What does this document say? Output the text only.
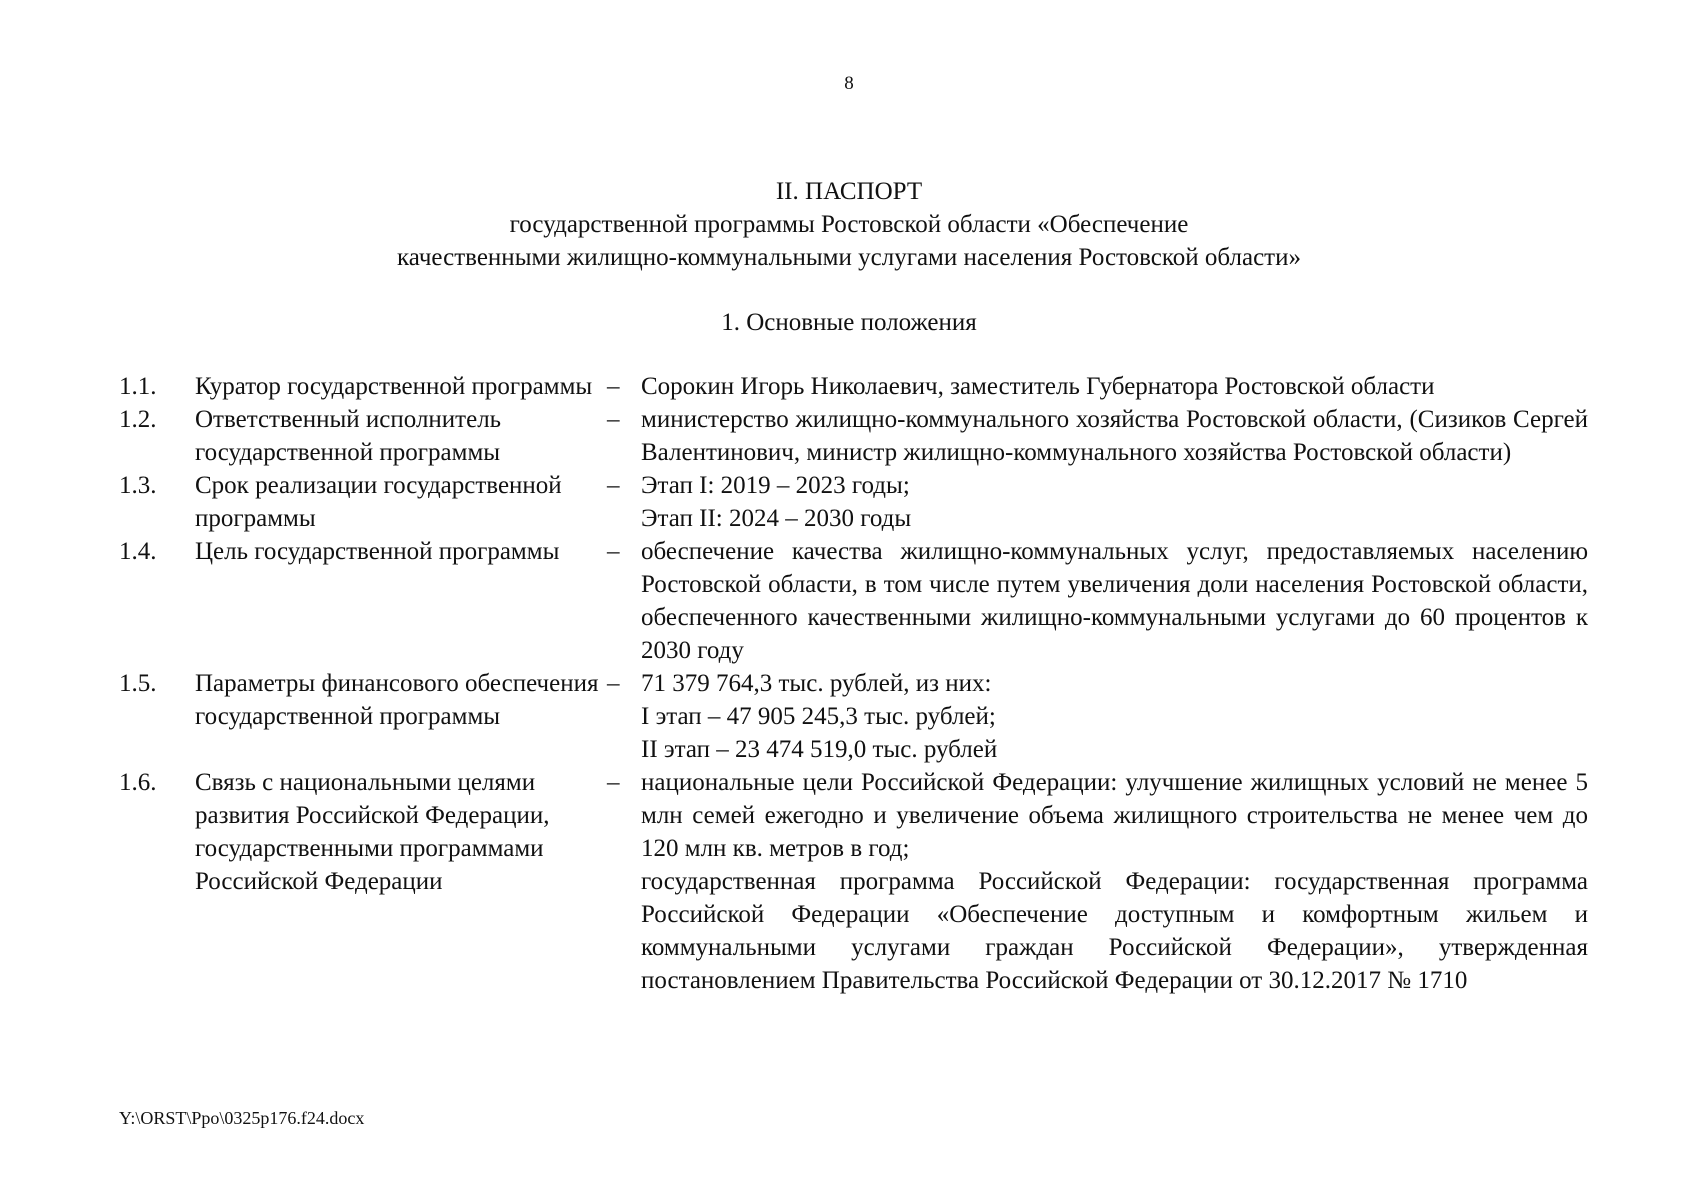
8
II. ПАСПОРТ
государственной программы Ростовской области «Обеспечение
качественными жилищно-коммунальными услугами населения Ростовской области»
1. Основные положения
1.1.	Куратор государственной программы	–	Сорокин Игорь Николаевич, заместитель Губернатора Ростовской области

1.2.	Ответственный исполнитель государственной программы	–	министерство жилищно-коммунального хозяйства Ростовской области, (Сизиков Сергей Валентинович, министр жилищно-коммунального хозяйства Ростовской области)

1.3.	Срок реализации государственной программы	–	Этап I: 2019 – 2023 годы;
Этап II: 2024 – 2030 годы

1.4.	Цель государственной программы	–	обеспечение качества жилищно-коммунальных услуг, предоставляемых населению Ростовской области, в том числе путем увеличения доли населения Ростовской области, обеспеченного качественными жилищно-коммунальными услугами до 60 процентов к 2030 году

1.5.	Параметры финансового обеспечения государственной программы	–	71 379 764,3 тыс. рублей, из них:
I этап – 47 905 245,3 тыс. рублей;
II этап – 23 474 519,0 тыс. рублей

1.6.	Связь с национальными целями развития Российской Федерации, государственными программами Российской Федерации	–	национальные цели Российской Федерации: улучшение жилищных условий не менее 5 млн семей ежегодно и увеличение объема жилищного строительства не менее чем до 120 млн кв. метров в год;
государственная программа Российской Федерации: государственная программа Российской Федерации «Обеспечение доступным и комфортным жильем и коммунальными услугами граждан Российской Федерации», утвержденная постановлением Правительства Российской Федерации от 30.12.2017 № 1710
Y:\ORST\Ppo\0325p176.f24.docx
